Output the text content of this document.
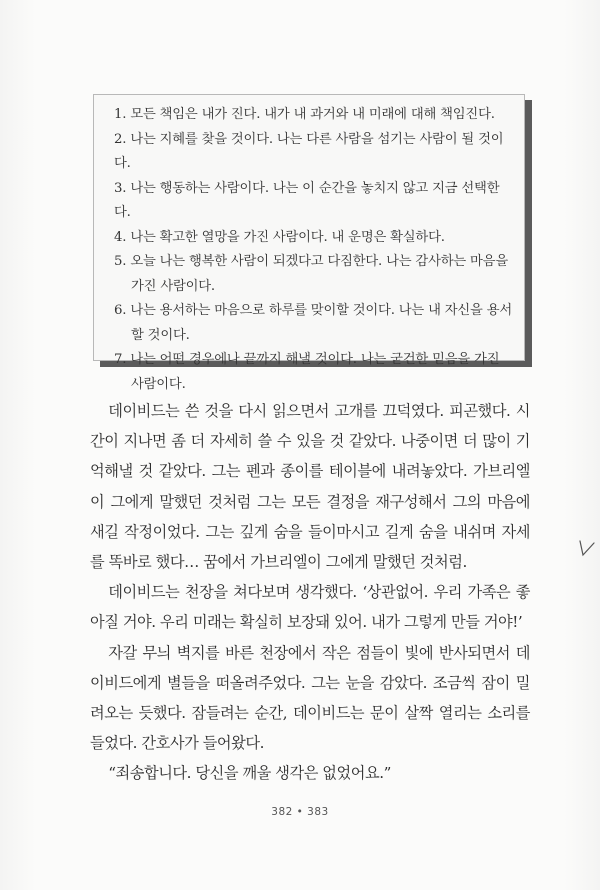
1. 모든 책임은 내가 진다. 내가 내 과거와 내 미래에 대해 책임진다.
2. 나는 지혜를 찾을 것이다. 나는 다른 사람을 섬기는 사람이 될 것이다.
3. 나는 행동하는 사람이다. 나는 이 순간을 놓치지 않고 지금 선택한다.
4. 나는 확고한 열망을 가진 사람이다. 내 운명은 확실하다.
5. 오늘 나는 행복한 사람이 되겠다고 다짐한다. 나는 감사하는 마음을
가진 사람이다.
6. 나는 용서하는 마음으로 하루를 맞이할 것이다. 나는 내 자신을 용서
할 것이다.
7. 나는 어떤 경우에나 끝까지 해낼 것이다. 나는 굳건한 믿음을 가진
사람이다.

데이비드는 쓴 것을 다시 읽으면서 고개를 끄덕였다. 피곤했다. 시간이 지나면 좀 더 자세히 쓸 수 있을 것 같았다. 나중이면 더 많이 기억해낼 것 같았다. 그는 펜과 종이를 테이블에 내려놓았다. 가브리엘이 그에게 말했던 것처럼 그는 모든 결정을 재구성해서 그의 마음에 새길 작정이었다. 그는 깊게 숨을 들이마시고 길게 숨을 내쉬며 자세를 똑바로 했다… 꿈에서 가브리엘이 그에게 말했던 것처럼.

데이비드는 천장을 쳐다보며 생각했다. ‘상관없어. 우리 가족은 좋아질 거야. 우리 미래는 확실히 보장돼 있어. 내가 그렇게 만들 거야!’

자갈 무늬 벽지를 바른 천장에서 작은 점들이 빛에 반사되면서 데이비드에게 별들을 떠올려주었다. 그는 눈을 감았다. 조금씩 잠이 밀려오는 듯했다. 잠들려는 순간, 데이비드는 문이 살짝 열리는 소리를 들었다. 간호사가 들어왔다.

“죄송합니다. 당신을 깨울 생각은 없었어요.”

382 • 383
